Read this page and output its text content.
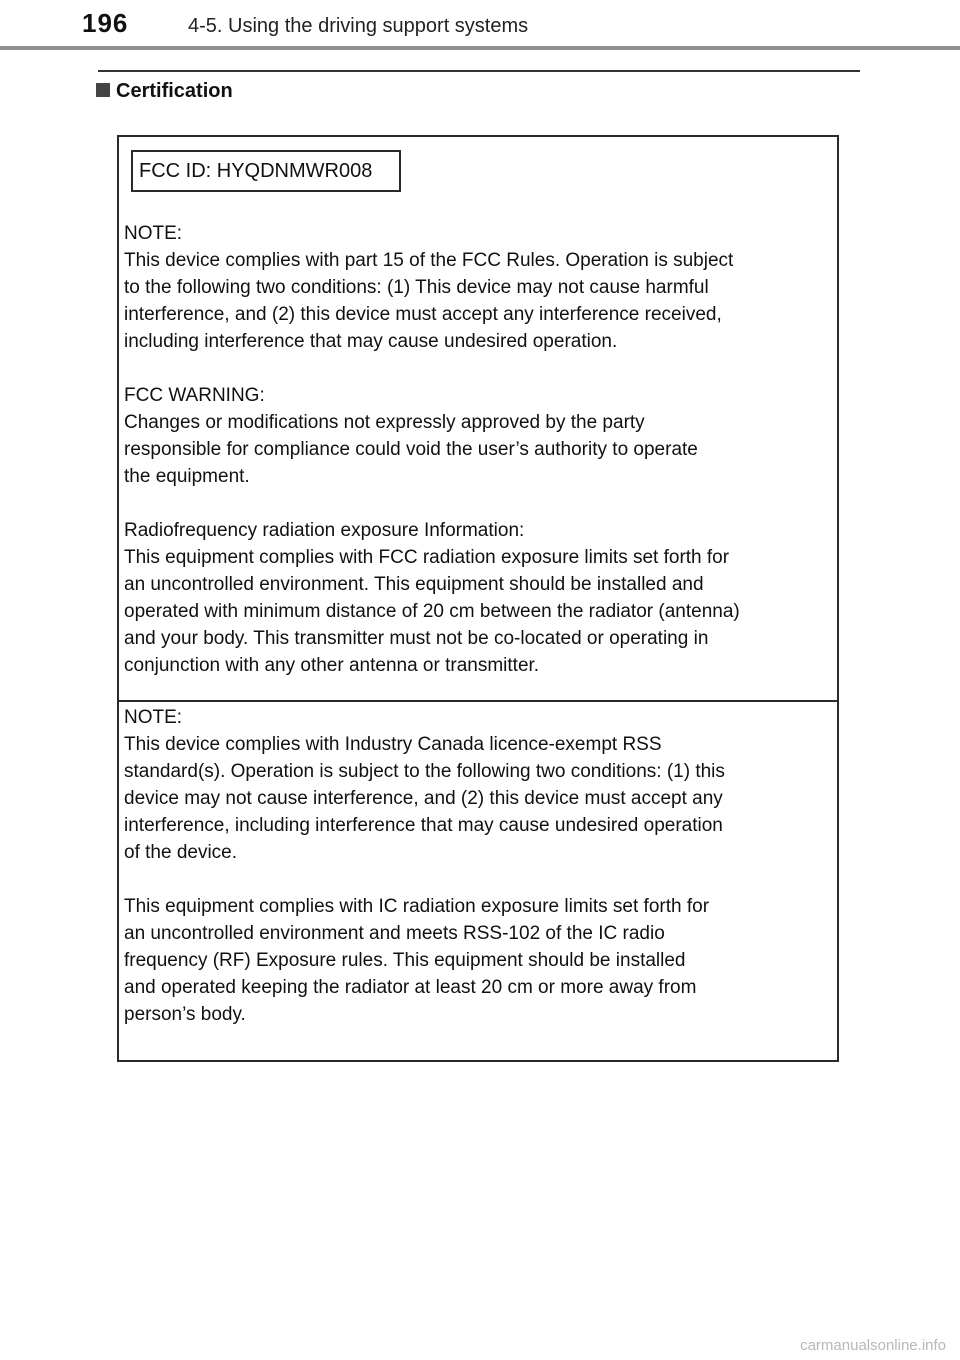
196	4-5. Using the driving support systems
Certification
FCC ID: HYQDNMWR008

NOTE:

This device complies with part 15 of the FCC Rules. Operation is subject

to the following two conditions: (1) This device may not cause harmful

interference, and (2) this device must accept any interference received,

including interference that may cause undesired operation.

FCC WARNING:

Changes or modifications not expressly approved by the party

responsible for compliance could void the user’s authority to operate

the equipment.

Radiofrequency radiation exposure Information:

This equipment complies with FCC radiation exposure limits set forth for

an uncontrolled environment. This equipment should be installed and

operated with minimum distance of 20 cm between the radiator (antenna)

and your body. This transmitter must not be co-located or operating in

conjunction with any other antenna or transmitter.

NOTE:

This device complies with Industry Canada licence-exempt RSS

standard(s). Operation is subject to the following two conditions: (1) this

device may not cause interference, and (2) this device must accept any

interference, including interference that may cause undesired operation

of the device.

This equipment complies with IC radiation exposure limits set forth for

an uncontrolled environment and meets RSS-102 of the IC radio

frequency (RF) Exposure rules. This equipment should be installed

and operated keeping the radiator at least 20 cm or more away from

person’s body.

carmanualsonline.info
